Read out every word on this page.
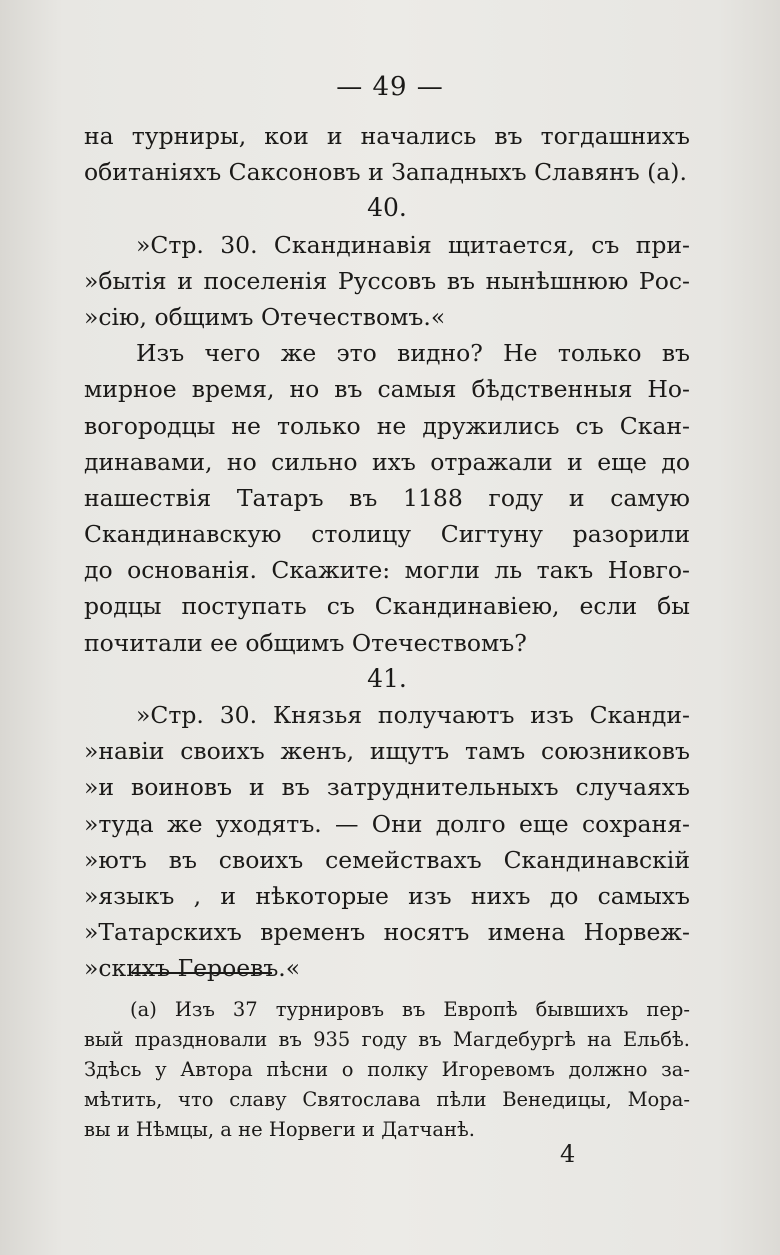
— 49 —
на турниры, кои и начались въ тогдашнихъ
обитаніяхъ Саксоновъ и Западныхъ Славянъ (а).
40.
»Стр. 30. Скандинавія щитается, съ при-
»бытія и поселенія Руссовъ въ нынѣшнюю Рос-
»сію, общимъ Отечествомъ.«
Изъ чего же это видно? Не только въ
мирное время, но въ самыя бѣдственныя Но-
вогородцы не только не дружились съ Скан-
динавами, но сильно ихъ отражали и еще до
нашествія Татаръ въ 1188 году и самую
Скандинавскую столицу Сигтуну разорили
до основанія. Скажите: могли ль такъ Новго-
родцы поступать съ Скандинавіею, если бы
почитали ее общимъ Отечествомъ?
41.
»Стр. 30. Князья получаютъ изъ Сканди-
»навіи своихъ женъ, ищутъ тамъ союзниковъ
»и воиновъ и въ затруднительныхъ случаяхъ
»туда же уходятъ. — Они долго еще сохраня-
»ютъ въ своихъ семействахъ Скандинавскій
»языкъ , и нѣкоторые изъ нихъ до самыхъ
»Татарскихъ временъ носятъ имена Норвеж-
»скихъ Героевъ.«
(а) Изъ 37 турнировъ въ Европѣ бывшихъ пер-
вый праздновали въ 935 году въ Магдебургѣ на Ельбѣ.
Здѣсь у Автора пѣсни о полку Игоревомъ должно за-
мѣтить, что славу Святослава пѣли Венедицы, Мора-
вы и Нѣмцы, а не Норвеги и Датчанѣ.
4
